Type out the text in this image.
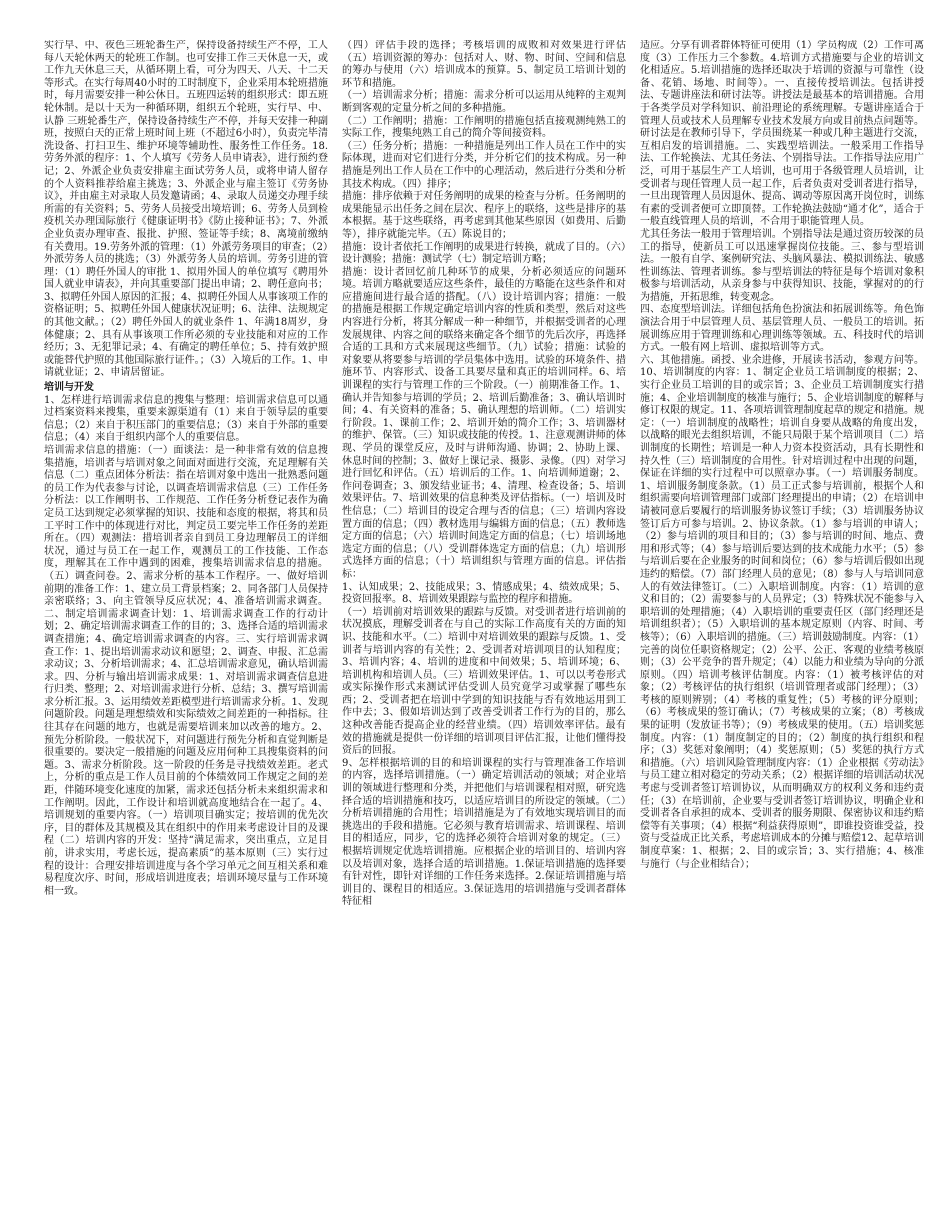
实行早、中、夜色三班轮番生产，保持设备持续生产不停，工人每八天轮休两天的轮班工作制。也可安排工作三天休息一天，或工作九天休息三天，从循环期上看，可分为四天、八天、十二天等形式。在实行每周40小时的工时制度下，企业采用本轮班措施时，每月需要安排一种公休日。五班四运转的组织形式：即五班轮休制。是以十天为一种循环期，组织五个轮班，实行早、中、认静 三班轮番生产，保持设备持续生产不停，并每天安排一种副班，按照白天的正常上班时间上班（不超过6小时），负责完毕清洗设备、打扫卫生、维护环境等辅助性、服务性工作任务。18.劳务外派的程序：1、个人填写《劳务人员申请表》，进行预约登记；2、外派企业负责安排雇主面试劳务人员，或将申请人留存的个人资料推荐给雇主挑选；3、外派企业与雇主签订《劳务协议》，并由雇主对录取人员发邀请函；4、录取人员递交办理手续所需的有关资料；5、劳务人员接受出境培训；6、劳务人员到检疫机关办理国际旅行《健康证明书》《防止接种证书》；7、外派企业负责办理审查、报批、护照、签证等手续；8、离境前缴纳有关费用。19.劳务外派的管理：（1）外派劳务项目的审查；（2）外派劳务人员的挑选；（3）外派劳务人员的培训。劳务引进的管理：（1）聘任外国人的审批 1、拟用外国人的单位填写《聘用外国人就业申请表》，并向其重要部门提出申请；2、聘任意向书；3、拟聘任外国人原因的汇报；4、拟聘任外国人从事该项工作的资格证明；5、拟聘任外国人健康状况证明；6、法律、法规规定的其他文献。；（2）聘任外国人的就业条件 1、年满18周岁，身体健康；2、具有从事该项工作所必须的专业技能和对应的工作经历；3、无犯罪记录；4、有确定的聘任单位；5、持有效护照或能替代护照的其他国际旅行证件。；（3）入境后的工作。1、申请就业证；2、申请居留证。

培训与开发

1、怎样进行培训需求信息的搜集与整理：培训需求信息可以通过档案资料来搜集，重要来源渠道有（1）来自于领导层的重要信息；（2）来自于积压部门的重要信息；（3）来自于外部的重要信息；（4）来自于组织内部个人的重要信息。

培训需求信息的措施：（一）面谈法：是一种非常有效的信息搜集措施，培训者与培训对象之间面对面进行交流，充足理解有关信息（二）重点团体分析法：指在培训对象中选出一批熟悉问题的员工作为代表参与讨论，以调查培训需求信息（三）工作任务分析法：以工作阐明书、工作规范、工作任务分析登记表作为确定员工达到规定必须掌握的知识、技能和态度的根据，将其和员工平时工作中的体现进行对比，判定员工要完毕工作任务的差距所在。（四）观测法：措培训者亲自到员工身边理解员工的详细状况，通过与员工在一起工作，观测员工的工作技能、工作态度，理解其在工作中遇到的困难，搜集培训需求信息的措施。（五）调查问卷。2、需求分析的基本工作程序。一、做好培训前期的准备工作：1、建立员工背景档案；2、同各部门人员保持亲密联络；3、向主管领导反应状况；4、准备培训需求调查。二、制定培训需求调查计划：1、培训需求调查工作的行动计划；2、确定培训需求调查工作的目的；3、选择合适的培训需求调查措施；4、确定培训需求调查的内容。三、实行培训需求调查工作：1、提出培训需求动议和愿望；2、调查、申报、汇总需求动议；3、分析培训需求；4、汇总培训需求意见，确认培训需求。四、分析与输出培训需求成果：1、对培训需求调查信息进行归类、整理；2、对培训需求进行分析、总结；3、撰写培训需求分析汇报。3、运用绩效差距模型进行培训需求分析。1、发现问题阶段。问题是理想绩效和实际绩效之间差距的一种指标。往往其存在问题的地方，也就是需要培训来加以改善的地方。2、预先分析阶段。一般状况下，对问题进行预先分析和直觉判断是很重要的。要决定一般措施的问题及应用何种工具搜集资料的问题。3、需求分析阶段。这一阶段的任务是寻找绩效差距。老式上，分析的重点是工作人员目前的个体绩效同工作规定之间的差距，伴随环境变化速度的加紧，需求还包括分析未来组织需求和工作阐明。因此，工作设计和培训就高度地结合在一起了。4、培训规划的重要内容。（一）培训项目确实定；按培训的优先次序，目的群体及其规模及其在组织中的作用来考虑设计目的及课程（二）培训内容的开发：坚持“满足需求，突出重点，立足目前，讲求实用，考虑长远，提高素质”的基本原则（三）实行过程的设计：合理安排培训进度与各个学习单元之间互相关系和难易程度次序、时间，形成培训进度表；培训环境尽量与工作环境相一致。

（四）评估手段的选择；考核培训的成败和对效果进行评估（五）培训资源的筹办：包括对人、财、物、时间、空间和信息的筹办与使用（六）培训成本的预算。5、制定员工培训计划的环节和措施。

（一）培训需求分析；措施：需求分析可以运用从纯粹的主观判断到客观的定量分析之间的多种措施。

（二）工作阐明；措施：工作阐明的措施包括直接观测纯熟工的实际工作，搜集纯熟工自己的简介等间接资料。

（三）任务分析；措施：一种措施是列出工作人员在工作中的实际体现，进而对它们进行分类，并分析它们的技术构成。另一种措施是列出工作人员在工作中的心理活动，然后进行分类和分析其技术构成。（四）排序；

措施：排序依赖于对任务阐明的成果的检查与分析。任务阐明的成果能显示出任务之间在层次、程序上的联络，这些是排序的基本根据。基于这些联络，再考虑到其他某些原因（如费用、后勤等），排序就能完毕。（五）陈说目的；

措施：设计者依托工作阐明的成果进行转换，就成了目的。（六）设计测验；措施：测试学（七）制定培训方略；

措施：设计者回忆前几种环节的成果，分析必须适应的问题环境。培训方略就要适应这些条件，最佳的方略能在这些条件和对应措施间进行最合适的搭配。（八）设计培训内容；措施：一般的措施是根据工作规定确定培训内容的性质和类型，然后对这些内容进行分析，将其分解成一种一种细节，并根据受训者的心理发展规律、内容之间的联络来确定各个细节的先后次序，再选择合适的工具和方式来展现这些细节。（九）试验；措施：试验的对象要从将要参与培训的学员集体中选用。试验的环境条件、措施环节、内容形式、设备工具要尽量和真正的培训同样。6、培训课程的实行与管理工作的三个阶段。（一）前期准备工作。1、确认并告知参与培训的学员；2、培训后勤准备；3、确认培训时间；4、有关资料的准备；5、确认理想的培训师。（二）培训实行阶段。1、课前工作；2、培训开始的简介工作；3、培训器材的维护、保管。（三）知识或技能的传授。1、注意观测讲师的体现、学员的课堂反应，及时与讲师沟通、协调；2、协助上课、休息时间的控制；3、做好上课记录、摄影、录像。（四）对学习进行回忆和评估。（五）培训后的工作。1、向培训师道谢；2、作问卷调查；3、颁发结业证书；4、清理、检查设备；5、培训效果评估。7、培训效果的信息种类及评估指标。（一）培训及时性信息；（二）培训目的设定合理与否的信息；（三）培训内容设置方面的信息；（四）教材选用与编辑方面的信息；（五）教师选定方面的信息；（六）培训时间选定方面的信息；（七）培训场地选定方面的信息；（八）受训群体选定方面的信息；（九）培训形式选择方面的信息；（十）培训组织与管理方面的信息。评估指标：

1、认知成果；2、技能成果；3、情感成果；4、绩效成果；5、投资回报率。8、培训效果跟踪与监控的程序和措施。

（一）培训前对培训效果的跟踪与反馈。对受训者进行培训前的状况摸底，理解受训者在与自己的实际工作高度有关的方面的知识、技能和水平。（二）培训中对培训效果的跟踪与反馈。1、受训者与培训内容的有关性；2、受训者对培训项目的认知程度；3、培训内容；4、培训的进度和中间效果；5、培训环境；6、培训机构和培训人员。（三）培训效果评估。1、可以以考卷形式或实际操作形式来测试评估受训人员究竟学习或掌握了哪些东西；2、受训者把在培训中学到的知识技能与否有效地运用到工作中去；3、假如培训达到了改善受训者工作行为的目的，那么这种改善能否提高企业的经营业绩。（四）培训效率评估。最有效的措施就是提供一份详细的培训项目评估汇报，让他们懂得投资后的回报。

9、怎样根据培训的目的和培训课程的实行与管理准备工作培训的内容，选择培训措施。（一）确定培训活动的领域；对企业培训的领域进行整理和分类，并把他们与培训课程相对照，研究选择合适的培训措施和技巧，以适应培训目的所设定的领域。（二）分析培训措施的合用性；培训措施是为了有效地实现培训目的而挑选出的手段和措施。它必须与教育培训需求、培训课程、培训目的相适应，同步，它的选择必须符合培训对象的规定。（三）根据培训规定优选培训措施。应根据企业的培训目的、培训内容以及培训对象，选择合适的培训措施。1.保证培训措施的选择要有针对性，即针对详细的工作任务来选择。2.保证培训措施与培训目的、课程目的相适应。3.保证选用的培训措施与受训者群体特征相

适应。分享有训者群体特征可使用（1）学员构成（2）工作可离度（3）工作压力三个参数。4.培训方式措施要与企业的培训文化相适应。5.培训措施的选择还取决于培训的资源与可靠性（设备、花销、场地、时间等）。一、直接传授培训法。包括讲授法、专题讲座法和研讨法等。讲授法是最基本的培训措施。合用于各类学员对学科知识、前沿理论的系统理解。专题讲座适合于管理人员或技术人员理解专业技术发展方向或目前热点问题等。研讨法是在教师引导下，学员围绕某一种或几种主题进行交流，互相启发的培训措施。二、实践型培训法。一般采用工作指导法、工作轮换法、尤其任务法、个别指导法。工作指导法应用广泛，可用于基层生产工人培训，也可用于各级管理人员培训，让受训者与现任管理人员一起工作，后者负责对受训者进行指导，一旦出现管理人员因退休、提高、调动等原因离开岗位时，训练有素的受训者便可立即顶替。工作轮换法鼓励“通才化”，适合于一般直线管理人员的培训，不合用于职能管理人员。

尤其任务法一般用于管理培训。个别指导法是通过资历较深的员工的指导，使新员工可以迅速掌握岗位技能。三、参与型培训法。一般有自学、案例研究法、头脑风暴法、模拟训练法、敏感性训练法、管理者训练。参与型培训法的特征是每个培训对象积极参与培训活动，从亲身参与中获得知识、技能，掌握对的的行为措施，开拓思维，转变观念。

四、态度型培训法。详细包括角色扮演法和拓展训练等。角色饰演法合用于中层管理人员、基层管理人员、一般员工的培训。拓展训练应用于管理训练和心理训练等领域。五、科技时代的培训方式。一般有网上培训、虚拟培训等方式。

六、其他措施。函授、业余进修，开展读书活动，参观方问等。10、培训制度的内容：1、制定企业员工培训制度的根据；2、实行企业员工培训的目的或宗旨；3、企业员工培训制度实行措施；4、企业培训制度的核准与施行；5、企业培训制度的解释与修订权限的规定。11、各项培训管理制度起草的规定和措施。规定：（一）培训制度的战略性；培训自身要从战略的角度出发，以战略的眼光去组织培训，不能只局限于某个培训项目（二）培训制度的长期性；培训是一种人力资本投资活动，具有长期性和持久性（三）培训制度的合用性。针对培训过程中出现的问题，保证在详细的实行过程中可以照章办事。（一）培训服务制度。1、培训服务制度条款。（1）员工正式参与培训前，根据个人和组织需要向培训管理部门或部门经理提出的申请；（2）在培训申请被同意后要履行的培训服务协议签订手续；（3）培训服务协议签订后方可参与培训。2、协议条款。（1）参与培训的申请人；（2）参与培训的项目和目的；（3）参与培训的时间、地点、费用和形式等；（4）参与培训后要达到的技术成能力水平；（5）参与培训后要在企业服务的时间和岗位；（6）参与培训后假如出现违约的赔偿。（7）部门经理人员的意见；（8）参与人与培训同意人的有效法律签订。（二）入职培训制度。内容：（1）培训的意义和目的；（2）需要参与的人员界定；（3）特殊状况不能参与入职培训的处理措施；（4）入职培训的重要责任区（部门经理还是培训组织者）；（5）入职培训的基本规定原则（内容、时间、考核等）；（6）入职培训的措施。（三）培训鼓励制度。内容：（1）完善的岗位任职资格规定；（2）公平、公正、客观的业绩考核原则；（3）公平竞争的晋升规定；（4）以能力和业绩为导向的分派原则。（四）培训考核评估制度。内容：（1）被考核评估的对象；（2）考核评估的执行组织（培训管理者或部门经理）；（3）考核的原则辨别；（4）考核的重复性；（5）考核的评分原则；（6）考核成果的签订确认；（7）考核成果的立案；（8）考核成果的证明（发放证书等）；（9）考核成果的使用。（五）培训奖惩制度。内容：（1）制度制定的目的；（2）制度的执行组织和程序；（3）奖惩对象阐明；（4）奖惩原则；（5）奖惩的执行方式和措施。（六）培训风险管理制度内容：（1）企业根据《劳动法》与员工建立相对稳定的劳动关系；（2）根据详细的培训活动状况考虑与受训者签订培训协议，从而明确双方的权利义务和违约责任；（3）在培训前，企业要与受训者签订培训协议，明确企业和受训者各自承担的成本、受训者的服务期限、保密协议和违约赔偿等有关事项；（4）根据“利益获得原则”，即谁投资谁受益，投资与受益成正比关系，考虑培训成本的分摊与赔偿12、起草培训制度草案：1、根据；2、目的或宗旨；3、实行措施；4、核准与施行（与企业相结合）；
